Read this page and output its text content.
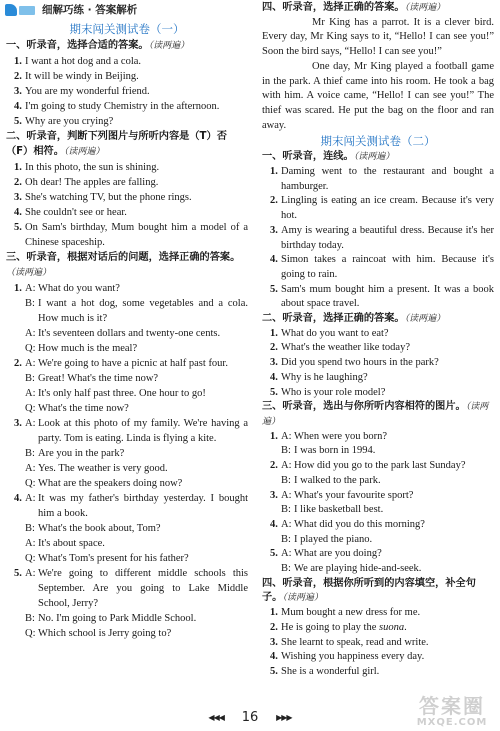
细解巧练 · 答案解析
期末闯关测试卷（一）
一、听录音，选择合适的答案。（读两遍）
1. I want a hot dog and a cola.
2. It will be windy in Beijing.
3. You are my wonderful friend.
4. I'm going to study Chemistry in the afternoon.
5. Why are you crying?
二、听录音，判断下列图片与所听内容是（T）否（F）相符。（读两遍）
1. In this photo, the sun is shining.
2. Oh dear! The apples are falling.
3. She's watching TV, but the phone rings.
4. She couldn't see or hear.
5. On Sam's birthday, Mum bought him a model of a Chinese spaceship.
三、听录音，根据对话后的问题，选择正确的答案。（读两遍）
1. A: What do you want?
B: I want a hot dog, some vegetables and a cola. How much is it?
A: It's seventeen dollars and twenty-one cents.
Q: How much is the meal?
2. A: We're going to have a picnic at half past four.
B: Great! What's the time now?
A: It's only half past three. One hour to go!
Q: What's the time now?
3. A: Look at this photo of my family. We're having a party. Tom is eating. Linda is flying a kite.
B: Are you in the park?
A: Yes. The weather is very good.
Q: What are the speakers doing now?
4. A: It was my father's birthday yesterday. I bought him a book.
B: What's the book about, Tom?
A: It's about space.
Q: What's Tom's present for his father?
5. A: We're going to different middle schools this September. Are you going to Lake Middle School, Jerry?
B: No. I'm going to Park Middle School.
Q: Which school is Jerry going to?
四、听录音，选择正确的答案。（读两遍）

Mr King has a parrot. It is a clever bird. Every day, Mr King says to it, “Hello! I can see you!” Soon the bird says, “Hello! I can see you!”

One day, Mr King played a football game in the park. A thief came into his room. He took a bag with him. A voice came, “Hello! I can see you!” The thief was scared. He put the bag on the floor and ran away.

期末闯关测试卷（二）
一、听录音，连线。（读两遍）
1. Daming went to the restaurant and bought a hamburger.
2. Lingling is eating an ice cream. Because it's very hot.
3. Amy is wearing a beautiful dress. Because it's her birthday today.
4. Simon takes a raincoat with him. Because it's going to rain.
5. Sam's mum bought him a present. It was a book about space travel.
二、听录音，选择正确的答案。（读两遍）
1. What do you want to eat?
2. What's the weather like today?
3. Did you spend two hours in the park?
4. Why is he laughing?
5. Who is your role model?
三、听录音，选出与你所听内容相符的图片。（读两遍）
1. A: When were you born?
B: I was born in 1994.
2. A: How did you go to the park last Sunday?
B: I walked to the park.
3. A: What's your favourite sport?
B: I like basketball best.
4. A: What did you do this morning?
B: I played the piano.
5. A: What are you doing?
B: We are playing hide-and-seek.
四、听录音，根据你所听到的内容填空，补全句子。（读两遍）
1. Mum bought a new dress for me.
2. He is going to play the suona.
3. She learnt to speak, read and write.
4. Wishing you happiness every day.
5. She is a wonderful girl.
◀◀◀ 16 ▶▶▶	答案圈
MXQE.COM
